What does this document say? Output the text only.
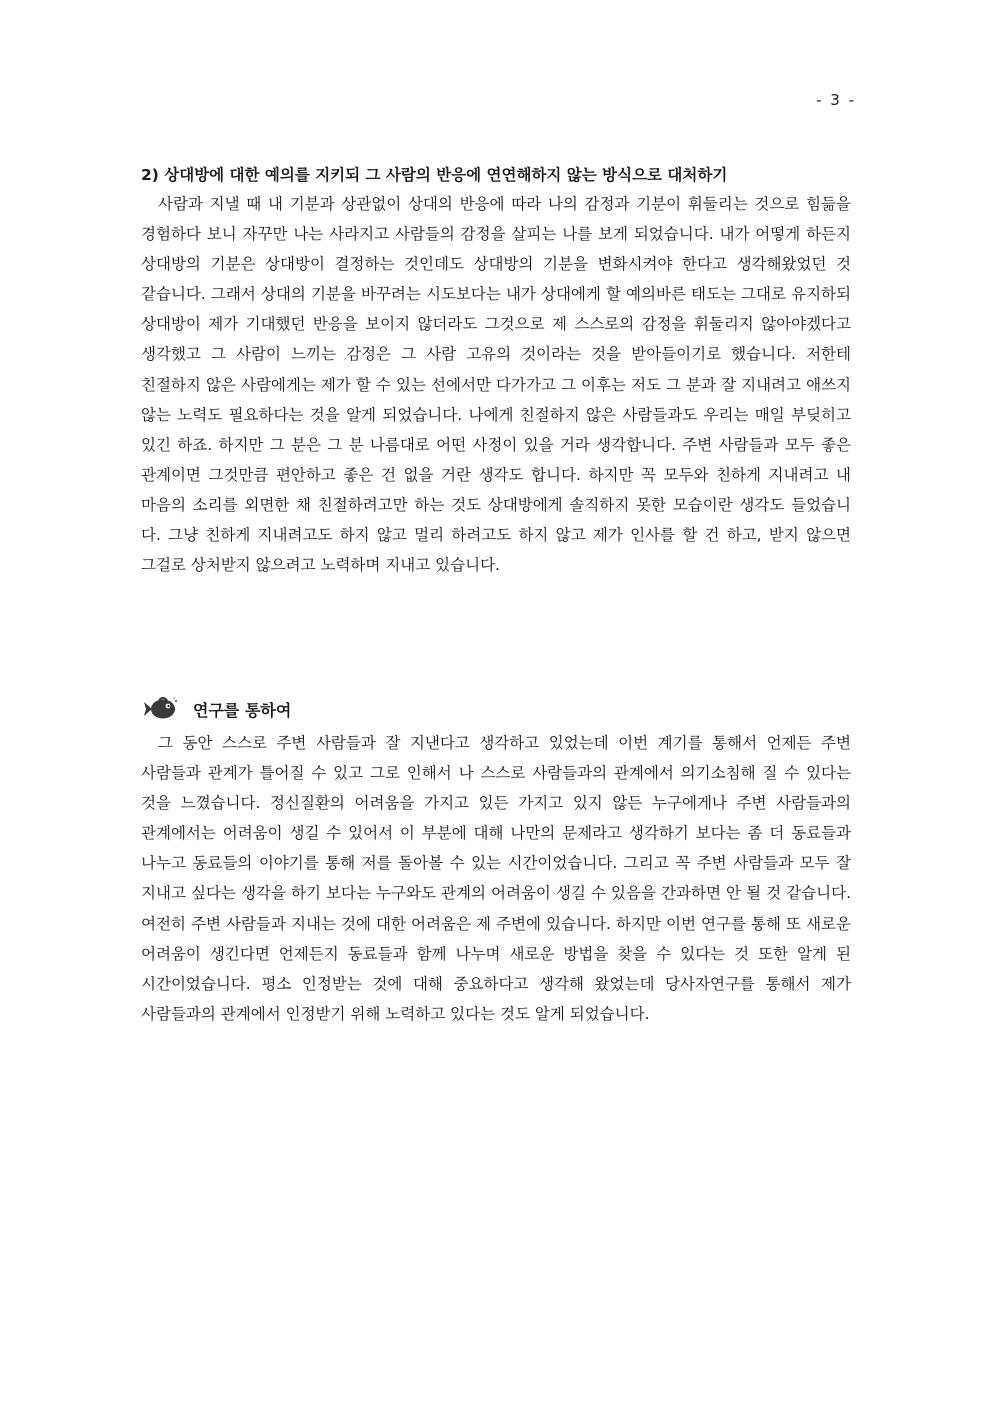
- 3 -
2) 상대방에 대한 예의를 지키되 그 사람의 반응에 연연해하지 않는 방식으로 대처하기

사람과 지낼 때 내 기분과 상관없이 상대의 반응에 따라 나의 감정과 기분이 휘둘리는 것으로 힘듦을 경험하다 보니 자꾸만 나는 사라지고 사람들의 감정을 살피는 나를 보게 되었습니다. 내가 어떻게 하든지 상대방의 기분은 상대방이 결정하는 것인데도 상대방의 기분을 변화시켜야 한다고 생각해왔었던 것 같습니다. 그래서 상대의 기분을 바꾸려는 시도보다는 내가 상대에게 할 예의바른 태도는 그대로 유지하되 상대방이 제가 기대했던 반응을 보이지 않더라도 그것으로 제 스스로의 감정을 휘둘리지 않아야겠다고 생각했고 그 사람이 느끼는 감정은 그 사람 고유의 것이라는 것을 받아들이기로 했습니다. 저한테 친절하지 않은 사람에게는 제가 할 수 있는 선에서만 다가가고 그 이후는 저도 그 분과 잘 지내려고 애쓰지 않는 노력도 필요하다는 것을 알게 되었습니다. 나에게 친절하지 않은 사람들과도 우리는 매일 부딪히고 있긴 하죠. 하지만 그 분은 그 분 나름대로 어떤 사정이 있을 거라 생각합니다. 주변 사람들과 모두 좋은 관계이면 그것만큼 편안하고 좋은 건 없을 거란 생각도 합니다. 하지만 꼭 모두와 친하게 지내려고 내 마음의 소리를 외면한 채 친절하려고만 하는 것도 상대방에게 솔직하지 못한 모습이란 생각도 들었습니 다. 그냥 친하게 지내려고도 하지 않고 멀리 하려고도 하지 않고 제가 인사를 할 건 하고, 받지 않으면 그걸로 상처받지 않으려고 노력하며 지내고 있습니다.

연구를 통하여

그 동안 스스로 주변 사람들과 잘 지낸다고 생각하고 있었는데 이번 계기를 통해서 언제든 주변 사람들과 관계가 틀어질 수 있고 그로 인해서 나 스스로 사람들과의 관계에서 의기소침해 질 수 있다는 것을 느꼈습니다. 정신질환의 어려움을 가지고 있든 가지고 있지 않든 누구에게나 주변 사람들과의 관계에서는 어려움이 생길 수 있어서 이 부분에 대해 나만의 문제라고 생각하기 보다는 좀 더 동료들과 나누고 동료들의 이야기를 통해 저를 돌아볼 수 있는 시간이었습니다. 그리고 꼭 주변 사람들과 모두 잘 지내고 싶다는 생각을 하기 보다는 누구와도 관계의 어려움이 생길 수 있음을 간과하면 안 될 것 같습니다. 여전히 주변 사람들과 지내는 것에 대한 어려움은 제 주변에 있습니다. 하지만 이번 연구를 통해 또 새로운 어려움이 생긴다면 언제든지 동료들과 함께 나누며 새로운 방법을 찾을 수 있다는 것 또한 알게 된 시간이었습니다. 평소 인정받는 것에 대해 중요하다고 생각해 왔었는데 당사자연구를 통해서 제가 사람들과의 관계에서 인정받기 위해 노력하고 있다는 것도 알게 되었습니다.
